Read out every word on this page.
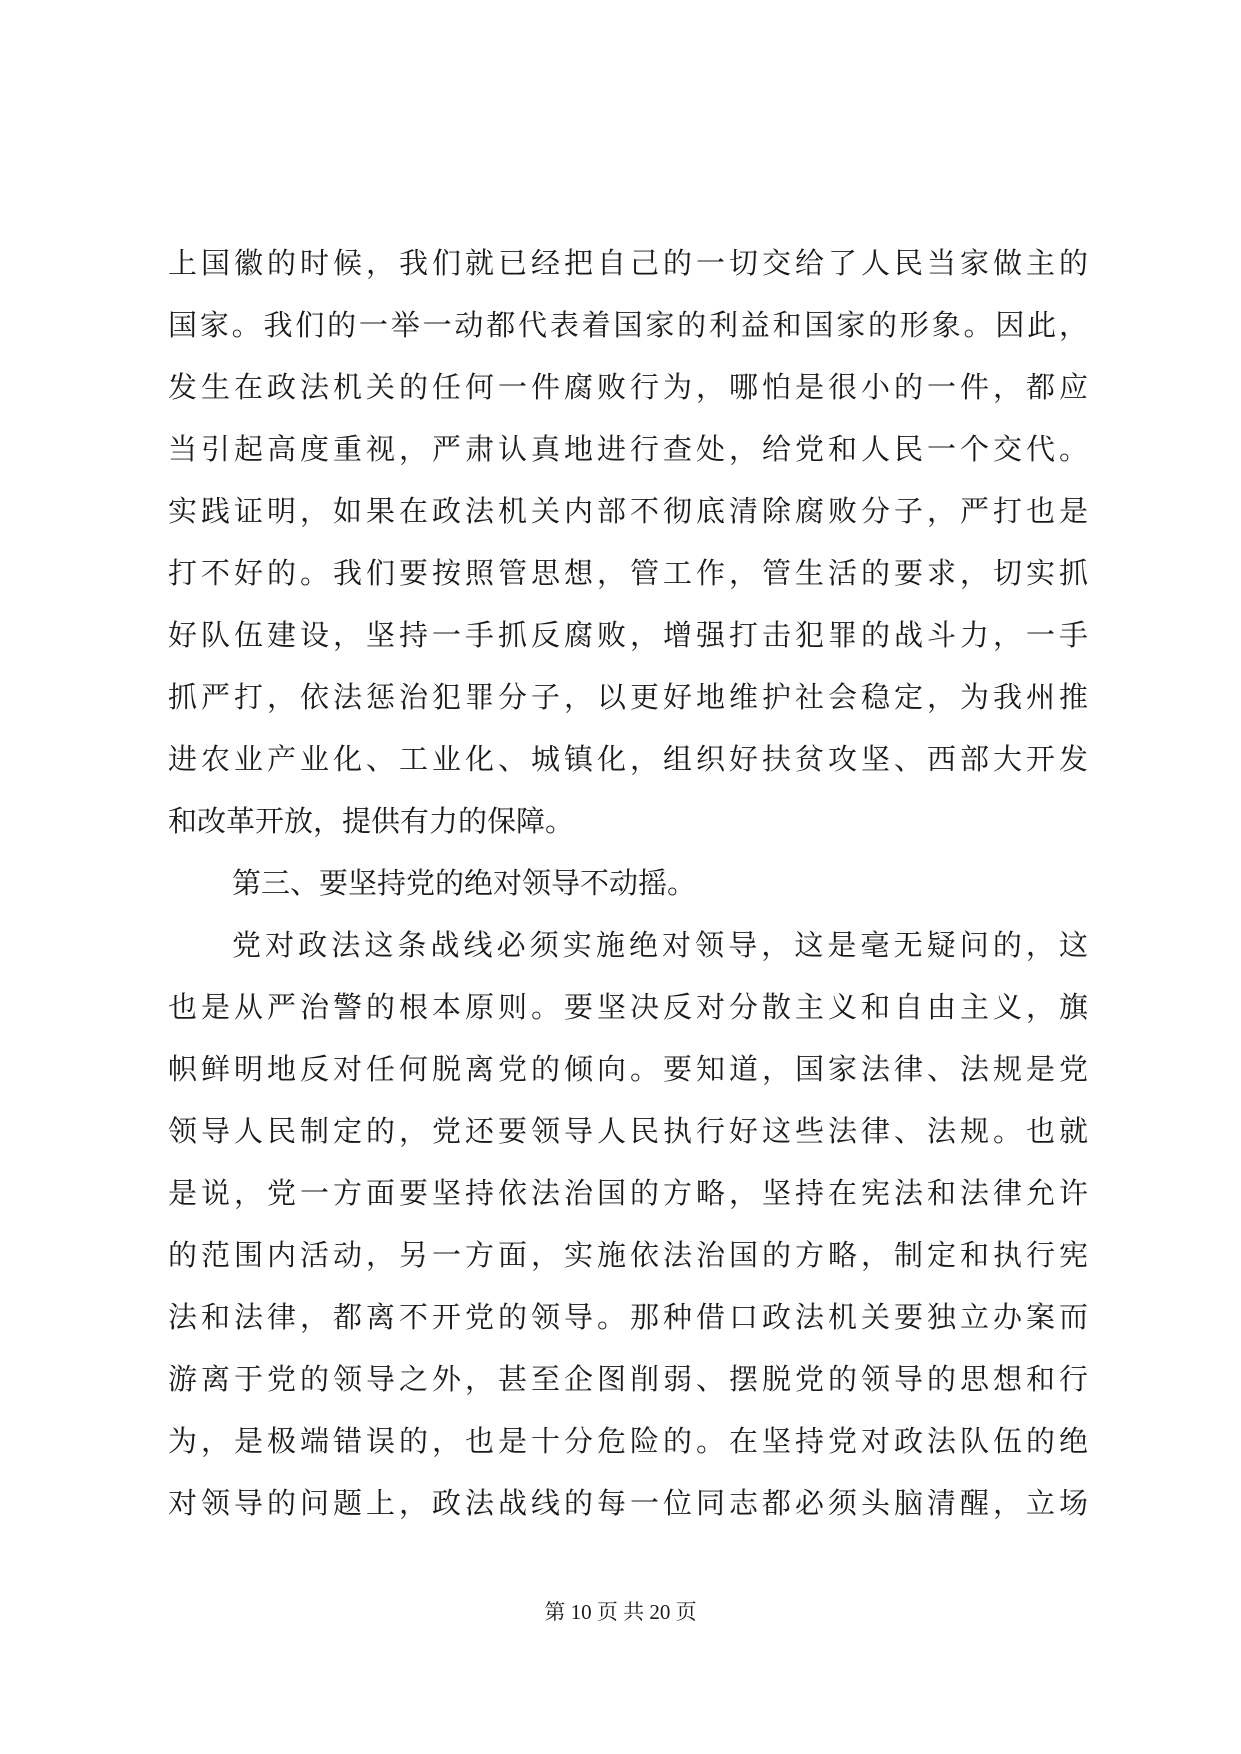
上国徽的时候，我们就已经把自己的一切交给了人民当家做主的
国家。我们的一举一动都代表着国家的利益和国家的形象。因此，
发生在政法机关的任何一件腐败行为，哪怕是很小的一件，都应
当引起高度重视，严肃认真地进行查处，给党和人民一个交代。
实践证明，如果在政法机关内部不彻底清除腐败分子，严打也是
打不好的。我们要按照管思想，管工作，管生活的要求，切实抓
好队伍建设，坚持一手抓反腐败，增强打击犯罪的战斗力，一手
抓严打，依法惩治犯罪分子，以更好地维护社会稳定，为我州推
进农业产业化、工业化、城镇化，组织好扶贫攻坚、西部大开发
和改革开放，提供有力的保障。
第三、要坚持党的绝对领导不动摇。
党对政法这条战线必须实施绝对领导，这是毫无疑问的，这
也是从严治警的根本原则。要坚决反对分散主义和自由主义，旗
帜鲜明地反对任何脱离党的倾向。要知道，国家法律、法规是党
领导人民制定的，党还要领导人民执行好这些法律、法规。也就
是说，党一方面要坚持依法治国的方略，坚持在宪法和法律允许
的范围内活动，另一方面，实施依法治国的方略，制定和执行宪
法和法律，都离不开党的领导。那种借口政法机关要独立办案而
游离于党的领导之外，甚至企图削弱、摆脱党的领导的思想和行
为，是极端错误的，也是十分危险的。在坚持党对政法队伍的绝
对领导的问题上，政法战线的每一位同志都必须头脑清醒，立场
第 10 页 共 20 页
